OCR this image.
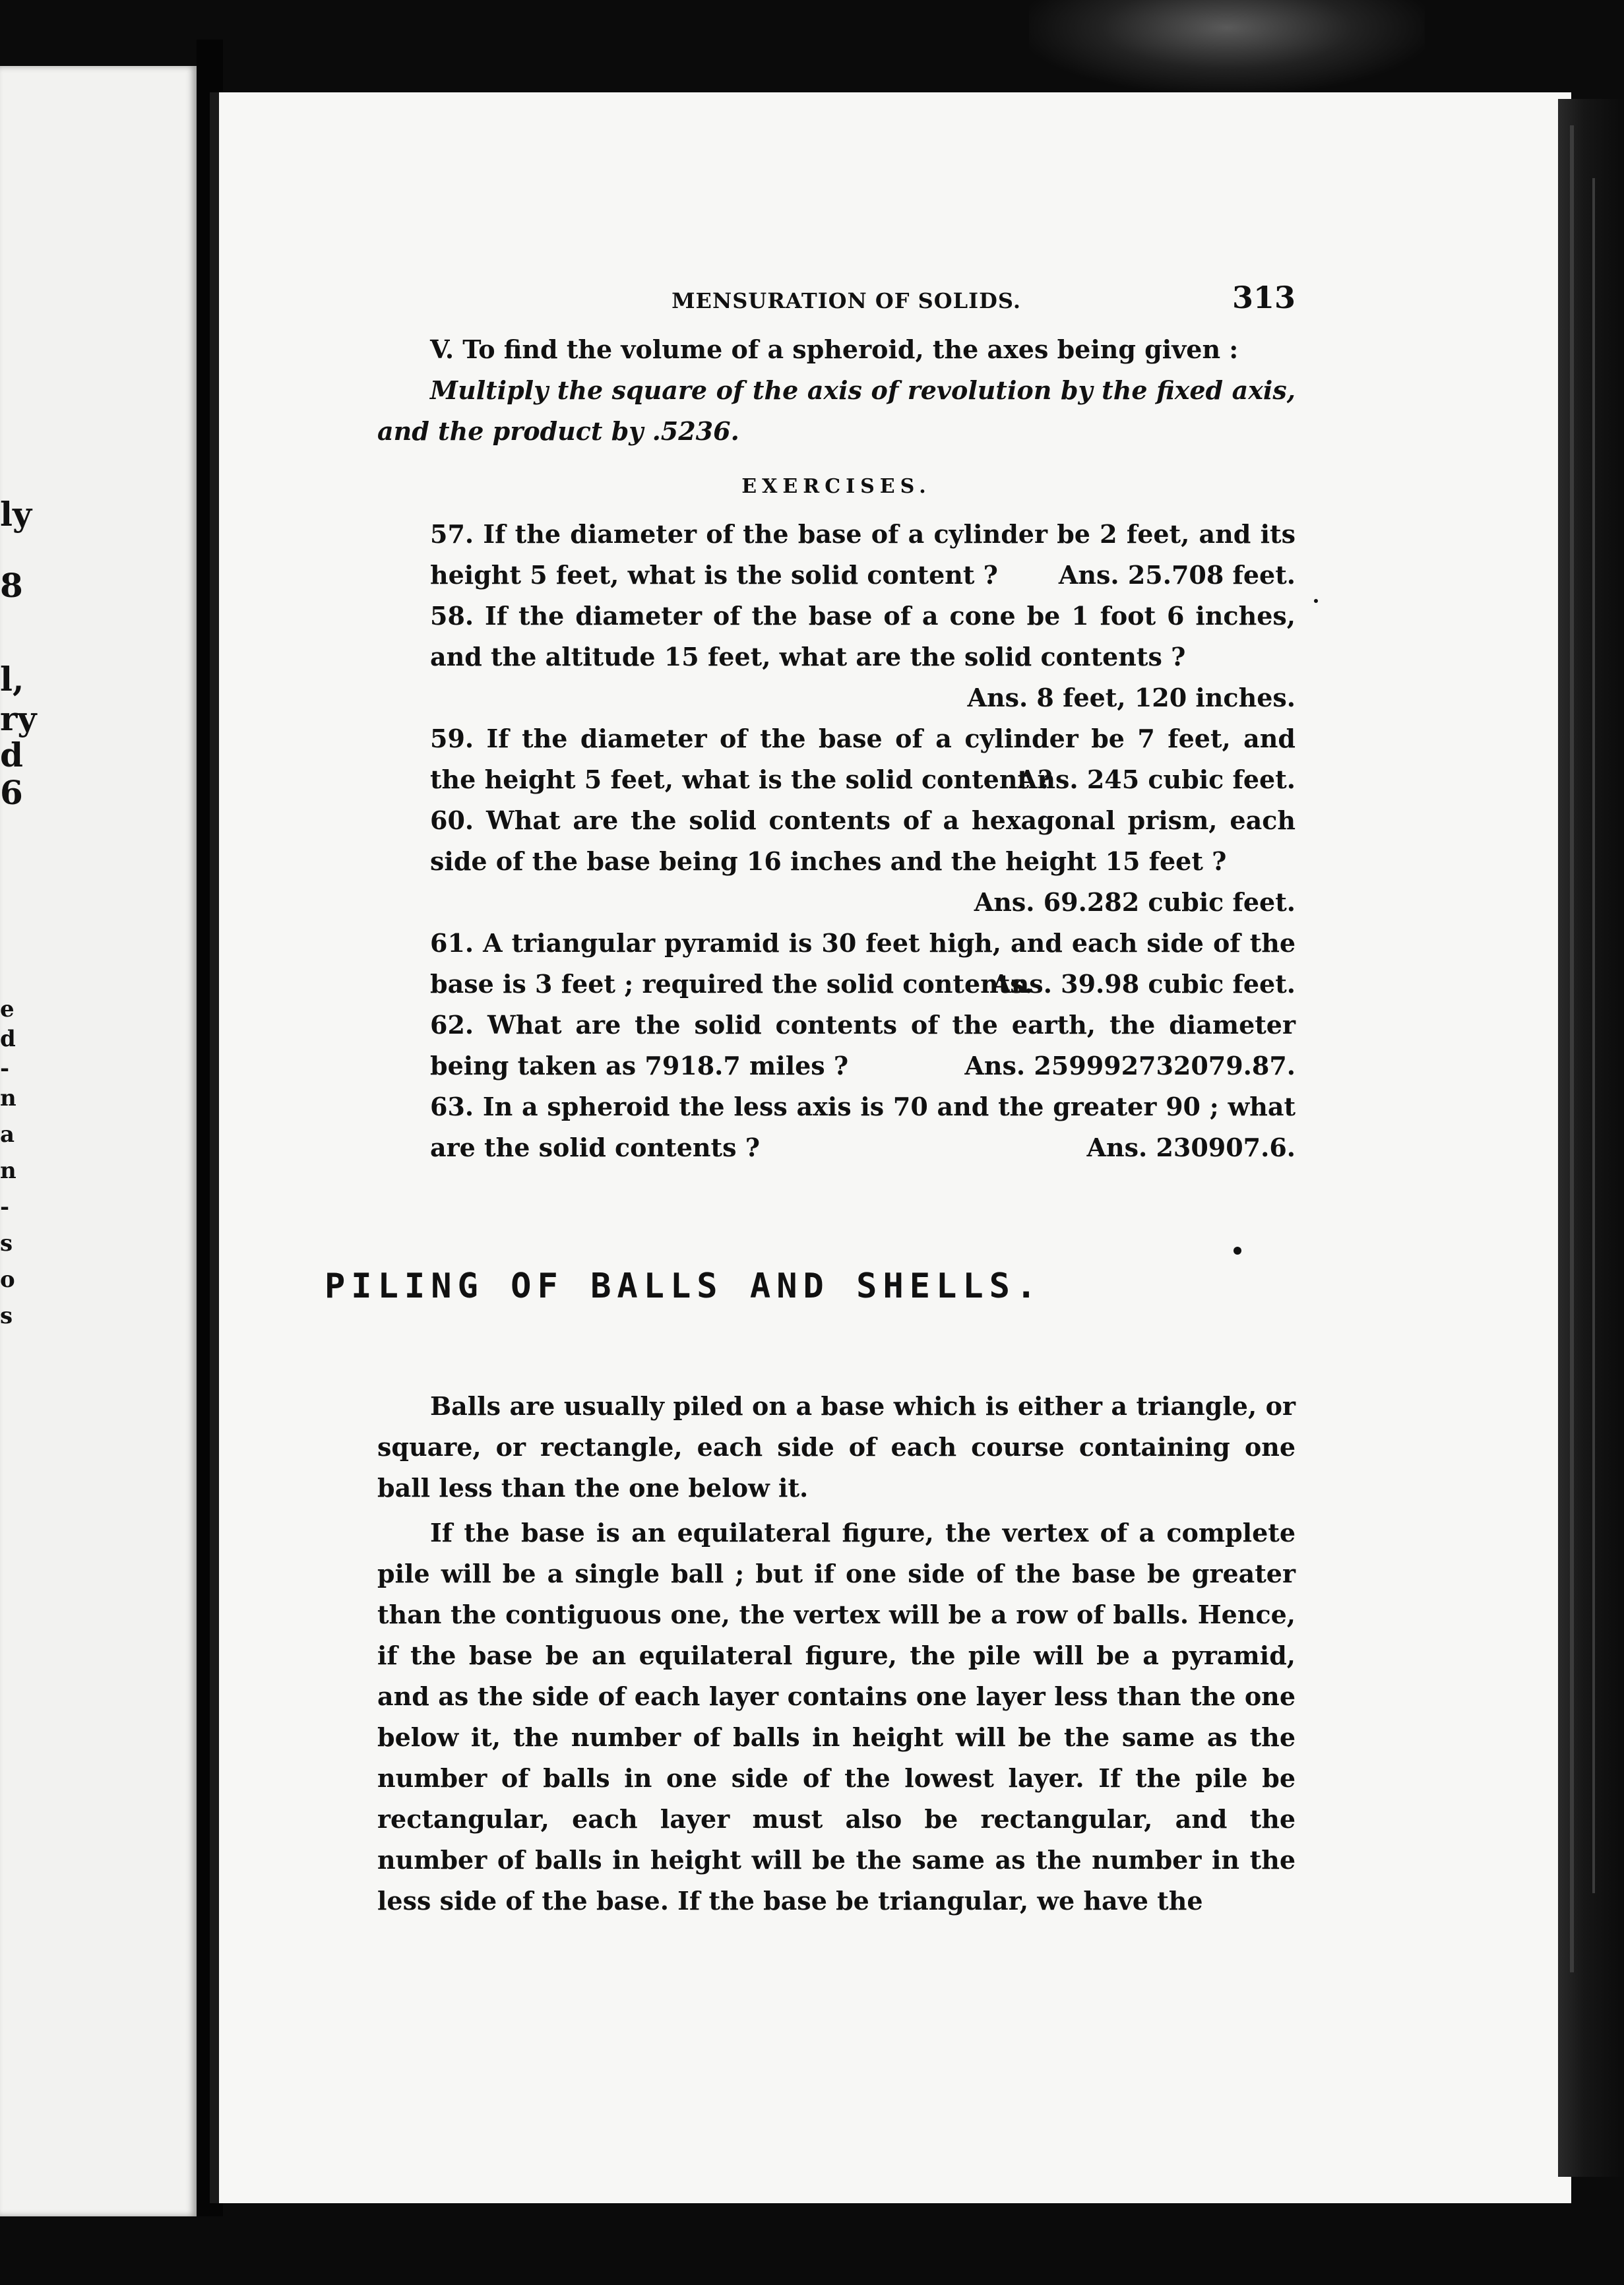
ly
8
l,
ry
d
6
e
d
-
n
a
n
-
s
o
s
MENSURATION OF SOLIDS.	313

V. To find the volume of a spheroid, the axes being given :

Multiply the square of the axis of revolution by the fixed axis, and the product by .5236.

EXERCISES.

57. If the diameter of the base of a cylinder be 2 feet, and its height 5 feet, what is the solid content ?	Ans. 25.708 feet.

58. If the diameter of the base of a cone be 1 foot 6 inches, and the altitude 15 feet, what are the solid contents ?

Ans. 8 feet, 120 inches.

59. If the diameter of the base of a cylinder be 7 feet, and the height 5 feet, what is the solid content ?

Ans. 245 cubic feet.

60. What are the solid contents of a hexagonal prism, each side of the base being 16 inches and the height 15 feet ?

Ans. 69.282 cubic feet.

61. A triangular pyramid is 30 feet high, and each side of the base is 3 feet ; required the solid contents.

Ans. 39.98 cubic feet.

62. What are the solid contents of the earth, the diameter being taken as 7918.7 miles ?	Ans. 259992732079.87.

63. In a spheroid the less axis is 70 and the greater 90 ; what are the solid contents ?	Ans. 230907.6.

PILING OF BALLS AND SHELLS.

Balls are usually piled on a base which is either a triangle, or square, or rectangle, each side of each course containing one ball less than the one below it.

If the base is an equilateral figure, the vertex of a complete pile will be a single ball ; but if one side of the base be greater than the contiguous one, the vertex will be a row of balls. Hence, if the base be an equilateral figure, the pile will be a pyramid, and as the side of each layer contains one layer less than the one below it, the number of balls in height will be the same as the number of balls in one side of the lowest layer. If the pile be rectangular, each layer must also be rectangular, and the number of balls in height will be the same as the number in the less side of the base. If the base be triangular, we have the
